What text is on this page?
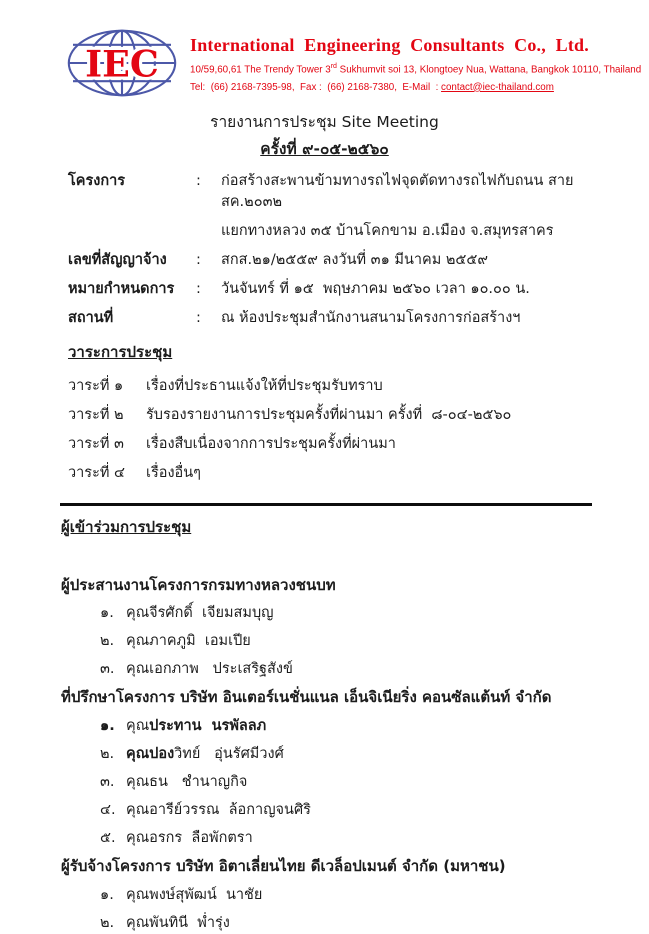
IEC International Engineering Consultants Co., Ltd.
10/59,60,61 The Trendy Tower 3rd Sukhumvit soi 13, Klongtoey Nua, Wattana, Bangkok 10110, Thailand
Tel:  (66) 2168-7395-98,  Fax :  (66) 2168-7380,  E-Mail  : contact@iec-thailand.com
รายงานการประชุม Site Meeting
ครั้งที่ ๙-๐๕-๒๕๖๐
โครงการ	:	ก่อสร้างสะพานข้ามทางรถไฟจุดตัดทางรถไฟกับถนน สาย สค.๒๐๓๒
แยกทางหลวง ๓๕ บ้านโคกขาม อ.เมือง จ.สมุทรสาคร
เลขที่สัญญาจ้าง	:	สกส.๒๑/๒๕๕๙ ลงวันที่ ๓๑ มีนาคม ๒๕๕๙
หมายกำหนดการ	:	วันจันทร์ ที่ ๑๕  พฤษภาคม ๒๕๖๐ เวลา ๑๐.๐๐ น.
สถานที่	:	ณ ห้องประชุมสำนักงานสนามโครงการก่อสร้างฯ
วาระการประชุม
วาระที่ ๑	เรื่องที่ประธานแจ้งให้ที่ประชุมรับทราบ
วาระที่ ๒	รับรองรายงานการประชุมครั้งที่ผ่านมา ครั้งที่  ๘-๐๔-๒๕๖๐
วาระที่ ๓	เรื่องสืบเนื่องจากการประชุมครั้งที่ผ่านมา
วาระที่ ๔	เรื่องอื่นๆ
ผู้เข้าร่วมการประชุม
ผู้ประสานงานโครงการกรมทางหลวงชนบท
๑. คุณจีรศักดิ์  เจียมสมบุญ
๒. คุณภาคภูมิ  เอมเปีย
๓. คุณเอกภาพ   ประเสริฐสังข์
ที่ปรึกษาโครงการ บริษัท อินเตอร์เนชั่นแนล เอ็นจิเนียริ่ง คอนซัลแต้นท์ จำกัด
๑. คุณประทาน  นรพัลลภ
๒. คุณปองวิทย์   อุ่นรัศมีวงศ์
๓. คุณธน   ชำนาญกิจ
๔. คุณอารีย์วรรณ  ล้อกาญจนศิริ
๕. คุณอรกร  ลือพักตรา
ผู้รับจ้างโครงการ บริษัท อิตาเลี่ยนไทย ดีเวล็อปเมนต์ จำกัด (มหาชน)
๑. คุณพงษ์สุพัฒน์  นาชัย
๒. คุณพันทินี  พ่ำรุ่ง
